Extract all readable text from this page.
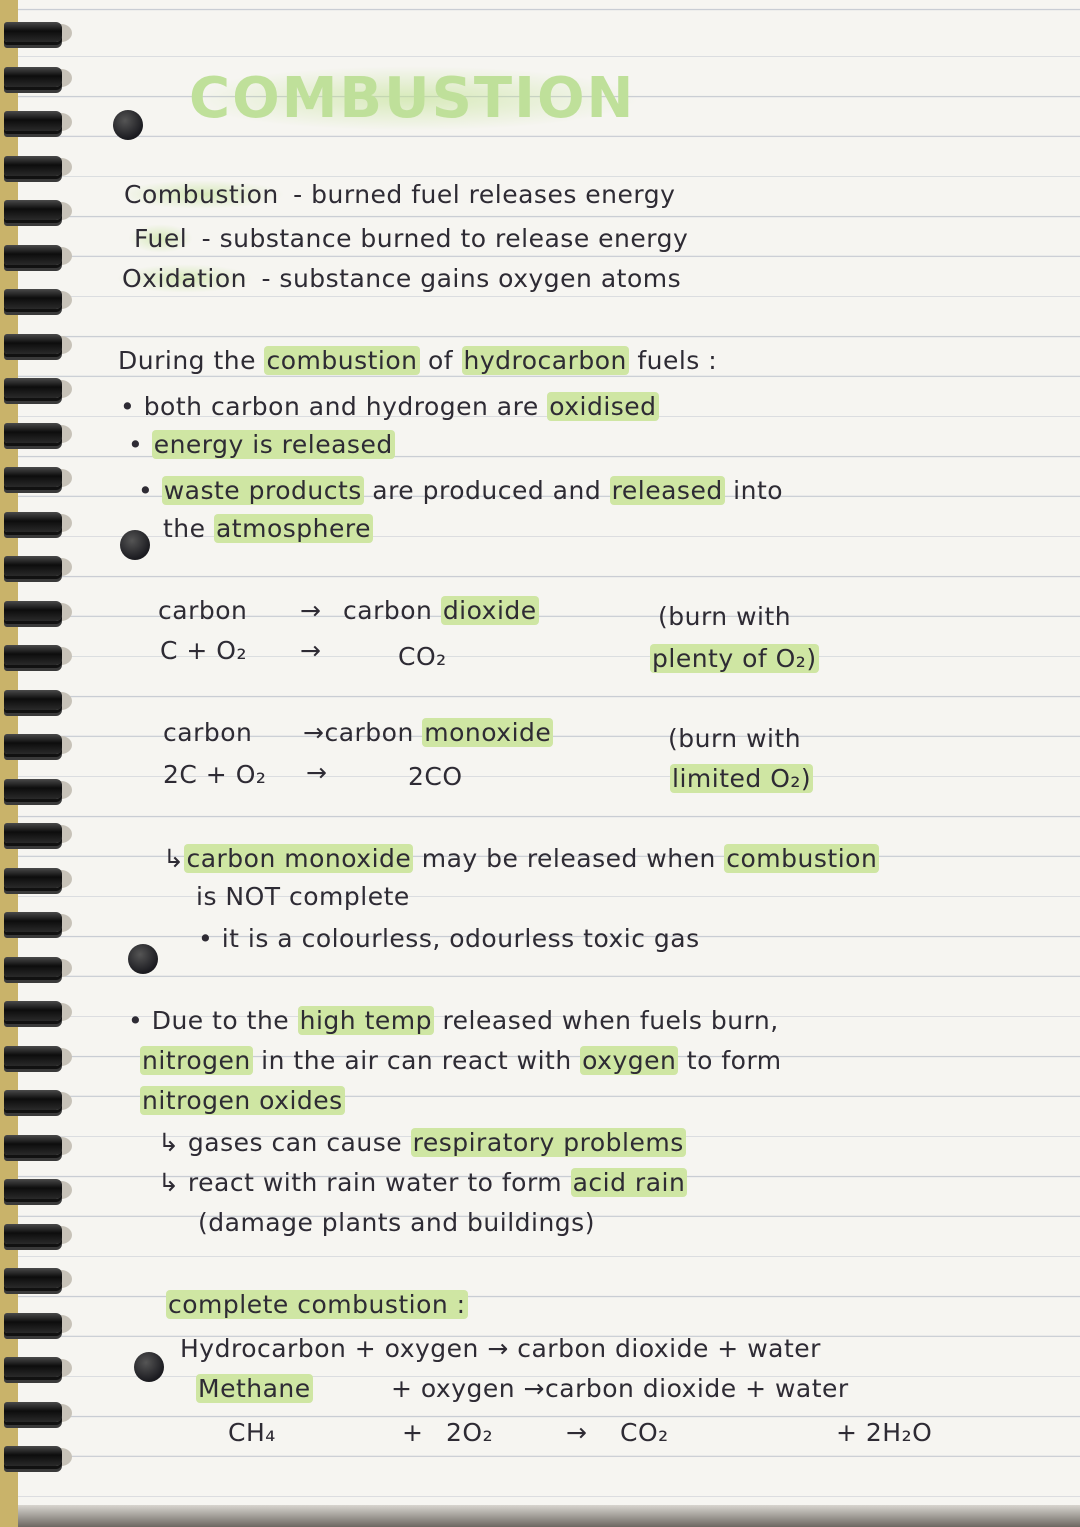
COMBUSTION
Combustion - burned fuel releases energy
Fuel - substance burned to release energy
Oxidation - substance gains oxygen atoms
During the combustion of hydrocarbon fuels :
• both carbon and hydrogen are oxidised
• energy is released
• waste products are produced and released into
the atmosphere
carbon → carbon dioxide	(burn with
C + O₂ →	CO₂	plenty of O₂)
carbon →carbon monoxide	(burn with
2C + O₂ →	2CO	limited O₂)
↳carbon monoxide may be released when combustion
is NOT complete
• it is a colourless, odourless toxic gas
• Due to the high temp released when fuels burn,
nitrogen in the air can react with oxygen to form
nitrogen oxides
↳ gases can cause respiratory problems
↳ react with rain water to form acid rain
(damage plants and buildings)
complete combustion :
Hydrocarbon + oxygen → carbon dioxide + water
Methane	+ oxygen →carbon dioxide + water
CH₄	+ 2O₂	→ CO₂	+ 2H₂O
